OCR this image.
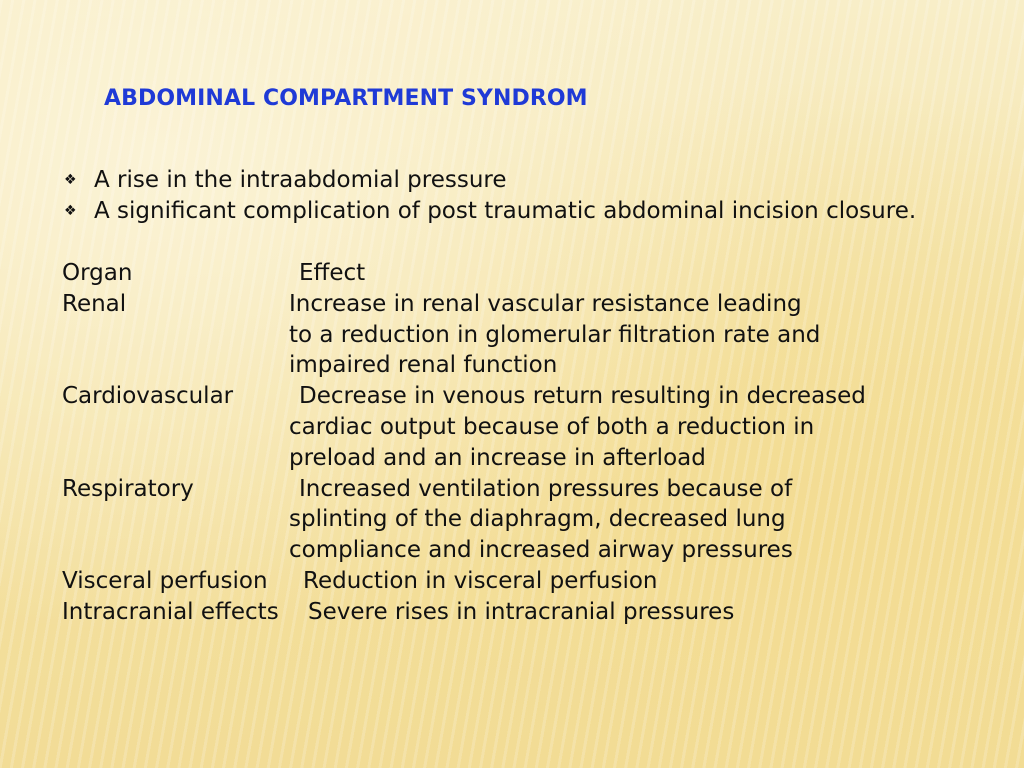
ABDOMINAL COMPARTMENT SYNDROM
❖ A rise in the intraabdomial pressure
❖ A significant complication of post traumatic abdominal incision closure.
Organ	Effect
Renal	Increase in renal vascular resistance leading
to a reduction in glomerular filtration rate and
impaired renal function
Cardiovascular	Decrease in venous return resulting in decreased
cardiac output because of both a reduction in
preload and an increase in afterload
Respiratory	Increased ventilation pressures because of
splinting of the diaphragm, decreased lung
compliance and increased airway pressures
Visceral perfusion	Reduction in visceral perfusion
Intracranial effects	Severe rises in intracranial pressures
